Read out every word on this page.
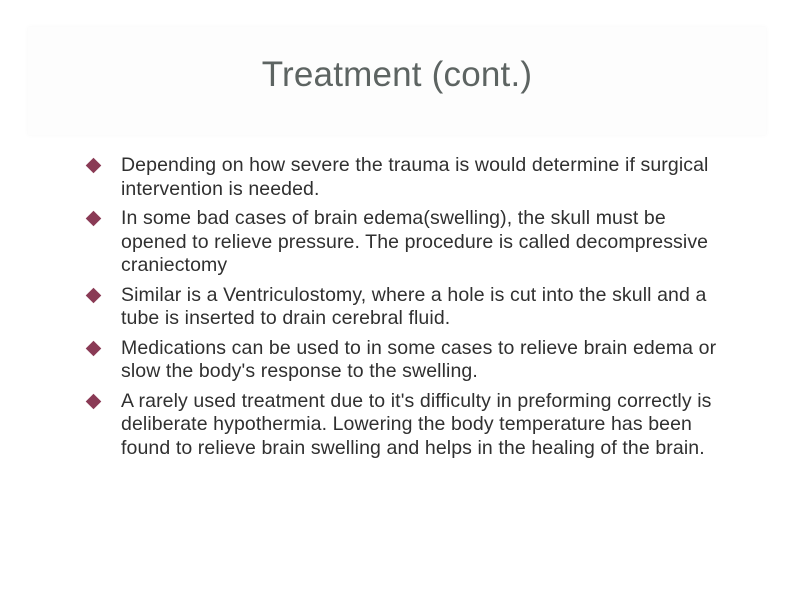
Treatment (cont.)
Depending on how severe the trauma is would determine if surgical intervention is needed.
In some bad cases of brain edema(swelling), the skull must be opened to relieve pressure. The procedure is called decompressive craniectomy
Similar is a Ventriculostomy, where a hole is cut into the skull and a tube is inserted to drain cerebral fluid.
Medications can be used to in some cases to relieve brain edema or slow the body's response to the swelling.
A rarely used treatment due to it's difficulty in preforming correctly is deliberate hypothermia. Lowering the body temperature has been found to relieve brain swelling and helps in the healing of the brain.
